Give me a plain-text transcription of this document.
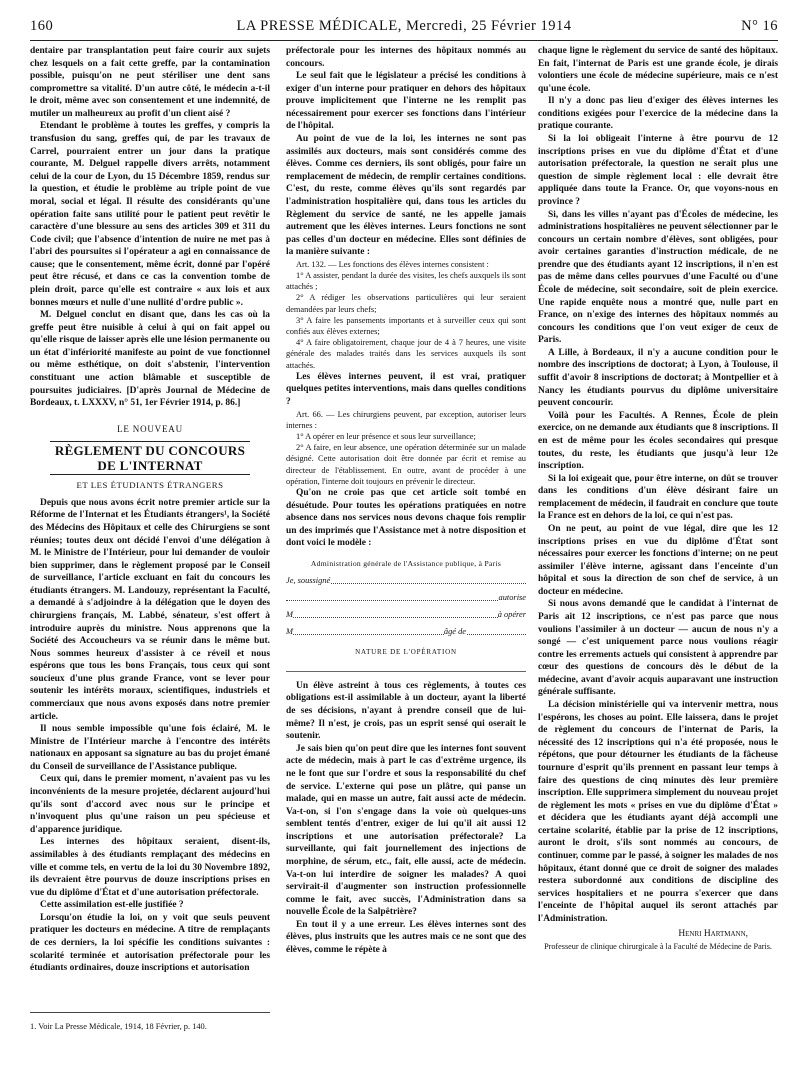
160	LA PRESSE MÉDICALE, Mercredi, 25 Février 1914	N° 16

dentaire par transplantation peut faire courir aux sujets chez lesquels on a fait cette greffe, par la contamination possible, puisqu'on ne peut stériliser une dent sans compromettre sa vitalité. D'un autre côté, le médecin a-t-il le droit, même avec son consentement et une indemnité, de mutiler un malheureux au profit d'un client aisé ?

Etendant le problème à toutes les greffes, y compris la transfusion du sang, greffes qui, de par les travaux de Carrel, pourraient entrer un jour dans la pratique courante, M. Delguel rappelle divers arrêts, notamment celui de la cour de Lyon, du 15 Décembre 1859, rendus sur la question, et étudie le problème au triple point de vue moral, social et légal. Il résulte des considérants qu'une opération faite sans utilité pour le patient peut revêtir le caractère d'une blessure au sens des articles 309 et 311 du Code civil; que l'absence d'intention de nuire ne met pas à l'abri des poursuites si l'opérateur a agi en connaissance de cause; que le consentement, même écrit, donné par l'opéré peut être récusé, et dans ce cas la convention tombe de plein droit, parce qu'elle est contraire « aux lois et aux bonnes mœurs et nulle d'une nullité d'ordre public ».

M. Delguel conclut en disant que, dans les cas où la greffe peut être nuisible à celui à qui on fait appel ou qu'elle risque de laisser après elle une lésion permanente ou un état d'infériorité manifeste au point de vue fonctionnel ou même esthétique, on doit s'abstenir, l'intervention constituant une action blâmable et susceptible de poursuites judiciaires. [D'après Journal de Médecine de Bordeaux, t. LXXXV, n° 51, 1er Février 1914, p. 86.]

LE NOUVEAU
RÈGLEMENT DU CONCOURS DE L'INTERNAT
ET LES ÉTUDIANTS ÉTRANGERS

Depuis que nous avons écrit notre premier article sur la Réforme de l'Internat et les Étudiants étrangers¹, la Société des Médecins des Hôpitaux et celle des Chirurgiens se sont réunies; toutes deux ont décidé l'envoi d'une délégation à M. le Ministre de l'Intérieur, pour lui demander de vouloir bien supprimer, dans le règlement proposé par le Conseil de surveillance, l'article excluant en fait du concours les étudiants étrangers. M. Landouzy, représentant la Faculté, a demandé à s'adjoindre à la délégation que le doyen des chirurgiens français, M. Labbé, sénateur, s'est offert à introduire auprès du ministre. Nous apprenons que la Société des Accoucheurs va se réunir dans le même but. Nous sommes heureux d'assister à ce réveil et nous espérons que tous les bons Français, tous ceux qui sont soucieux d'une plus grande France, vont se lever pour soutenir les intérêts moraux, scientifiques, industriels et commerciaux que nous avons exposés dans notre premier article.

Il nous semble impossible qu'une fois éclairé, M. le Ministre de l'Intérieur marche à l'encontre des intérêts nationaux en apposant sa signature au bas du projet émané du Conseil de surveillance de l'Assistance publique.

Ceux qui, dans le premier moment, n'avaient pas vu les inconvénients de la mesure projetée, déclarent aujourd'hui qu'ils sont d'accord avec nous sur le principe et n'invoquent plus qu'une raison un peu spécieuse et d'apparence juridique.

Les internes des hôpitaux seraient, disent-ils, assimilables à des étudiants remplaçant des médecins en ville et comme tels, en vertu de la loi du 30 Novembre 1892, ils devraient être pourvus de douze inscriptions prises en vue du diplôme d'État et d'une autorisation préfectorale.

Cette assimilation est-elle justifiée ?

Lorsqu'on étudie la loi, on y voit que seuls peuvent pratiquer les docteurs en médecine. A titre de remplaçants de ces derniers, la loi spécifie les conditions suivantes : scolarité terminée et autorisation préfectorale pour les étudiants ordinaires, douze inscriptions et autorisation

1. Voir La Presse Médicale, 1914, 18 Février, p. 140.

préfectorale pour les internes des hôpitaux nommés au concours.

Le seul fait que le législateur a précisé les conditions à exiger d'un interne pour pratiquer en dehors des hôpitaux prouve implicitement que l'interne ne les remplit pas nécessairement pour exercer ses fonctions dans l'intérieur de l'hôpital.

Au point de vue de la loi, les internes ne sont pas assimilés aux docteurs, mais sont considérés comme des élèves. Comme ces derniers, ils sont obligés, pour faire un remplacement de médecin, de remplir certaines conditions. C'est, du reste, comme élèves qu'ils sont regardés par l'administration hospitalière qui, dans tous les articles du Règlement du service de santé, ne les appelle jamais autrement que les élèves internes. Leurs fonctions ne sont pas celles d'un docteur en médecine. Elles sont définies de la manière suivante :

Art. 132. — Les fonctions des élèves internes consistent :

1° A assister, pendant la durée des visites, les chefs auxquels ils sont attachés ;

2° A rédiger les observations particulières qui leur seraient demandées par leurs chefs;

3° A faire les pansements importants et à surveiller ceux qui sont confiés aux élèves externes;

4° A faire obligatoirement, chaque jour de 4 à 7 heures, une visite générale des malades traités dans les services auxquels ils sont attachés.

Les élèves internes peuvent, il est vrai, pratiquer quelques petites interventions, mais dans quelles conditions ?

Art. 66. — Les chirurgiens peuvent, par exception, autoriser leurs internes :

1° A opérer en leur présence et sous leur surveillance;

2° A faire, en leur absence, une opération déterminée sur un malade désigné. Cette autorisation doit être donnée par écrit et remise au directeur de l'établissement. En outre, avant de procéder à une opération, l'interne doit toujours en prévenir le directeur.

Qu'on ne croie pas que cet article soit tombé en désuétude. Pour toutes les opérations pratiquées en notre absence dans nos services nous devons chaque fois remplir un des imprimés que l'Assistance met à notre disposition et dont voici le modèle :

Administration générale de l'Assistance publique, à Paris
Je, soussigné
autorise
M	à opérer
M	âgé de
NATURE DE L'OPÉRATION

Un élève astreint à tous ces règlements, à toutes ces obligations est-il assimilable à un docteur, ayant la liberté de ses décisions, n'ayant à prendre conseil que de lui-même? Il n'est, je crois, pas un esprit sensé qui oserait le soutenir.

Je sais bien qu'on peut dire que les internes font souvent acte de médecin, mais à part le cas d'extrême urgence, ils ne le font que sur l'ordre et sous la responsabilité du chef de service. L'externe qui pose un plâtre, qui panse un malade, qui en masse un autre, fait aussi acte de médecin. Va-t-on, si l'on s'engage dans la voie où quelques-uns semblent tentés d'entrer, exiger de lui qu'il ait aussi 12 inscriptions et une autorisation préfectorale? La surveillante, qui fait journellement des injections de morphine, de sérum, etc., fait, elle aussi, acte de médecin. Va-t-on lui interdire de soigner les malades? A quoi servirait-il d'augmenter son instruction professionnelle comme le fait, avec succès, l'Administration dans sa nouvelle École de la Salpêtrière?

En tout il y a une erreur. Les élèves internes sont des élèves, plus instruits que les autres mais ce ne sont que des élèves, comme le répète à

chaque ligne le règlement du service de santé des hôpitaux. En fait, l'internat de Paris est une grande école, je dirais volontiers une école de médecine supérieure, mais ce n'est qu'une école.

Il n'y a donc pas lieu d'exiger des élèves internes les conditions exigées pour l'exercice de la médecine dans la pratique courante.

Si la loi obligeait l'interne à être pourvu de 12 inscriptions prises en vue du diplôme d'État et d'une autorisation préfectorale, la question ne serait plus une question de simple règlement local : elle devrait être appliquée dans toute la France. Or, que voyons-nous en province ?

Si, dans les villes n'ayant pas d'Écoles de médecine, les administrations hospitalières ne peuvent sélectionner par le concours un certain nombre d'élèves, sont obligées, pour avoir certaines garanties d'instruction médicale, de ne prendre que des étudiants ayant 12 inscriptions, il n'en est pas de même dans celles pourvues d'une Faculté ou d'une École de médecine, soit secondaire, soit de plein exercice. Une rapide enquête nous a montré que, nulle part en France, on n'exige des internes des hôpitaux nommés au concours les conditions que l'on veut exiger de ceux de Paris.

A Lille, à Bordeaux, il n'y a aucune condition pour le nombre des inscriptions de doctorat; à Lyon, à Toulouse, il suffit d'avoir 8 inscriptions de doctorat; à Montpellier et à Nancy les étudiants pourvus du diplôme universitaire peuvent concourir.

Voilà pour les Facultés. A Rennes, École de plein exercice, on ne demande aux étudiants que 8 inscriptions. Il en est de même pour les écoles secondaires qui presque toutes, du reste, les étudiants que jusqu'à leur 12e inscription.

Si la loi exigeait que, pour être interne, on dût se trouver dans les conditions d'un élève désirant faire un remplacement de médecin, il faudrait en conclure que toute la France est en dehors de la loi, ce qui n'est pas.

On ne peut, au point de vue légal, dire que les 12 inscriptions prises en vue du diplôme d'État sont nécessaires pour exercer les fonctions d'interne; on ne peut assimiler l'élève interne, agissant dans l'enceinte d'un hôpital et sous la direction de son chef de service, à un docteur en médecine.

Si nous avons demandé que le candidat à l'internat de Paris ait 12 inscriptions, ce n'est pas parce que nous voulions l'assimiler à un docteur — aucun de nous n'y a songé — c'est uniquement parce nous voulions réagir contre les errements actuels qui consistent à apprendre par cœur des questions de concours dès le début de la médecine, avant d'avoir acquis auparavant une instruction générale suffisante.

La décision ministérielle qui va intervenir mettra, nous l'espérons, les choses au point. Elle laissera, dans le projet de règlement du concours de l'internat de Paris, la nécessité des 12 inscriptions qui n'a été proposée, nous le répétons, que pour détourner les étudiants de la fâcheuse tournure d'esprit qu'ils prennent en passant leur temps à faire des questions de cinq minutes dès leur première inscription. Elle supprimera simplement du nouveau projet de règlement les mots « prises en vue du diplôme d'État » et décidera que les étudiants ayant déjà accompli une certaine scolarité, établie par la prise de 12 inscriptions, auront le droit, s'ils sont nommés au concours, de continuer, comme par le passé, à soigner les malades de nos hôpitaux, étant donné que ce droit de soigner des malades restera subordonné aux conditions de discipline des services hospitaliers et ne pourra s'exercer que dans l'enceinte de l'hôpital auquel ils seront attachés par l'Administration.

Henri Hartmann,
Professeur de clinique chirurgicale à la Faculté de Médecine de Paris.
